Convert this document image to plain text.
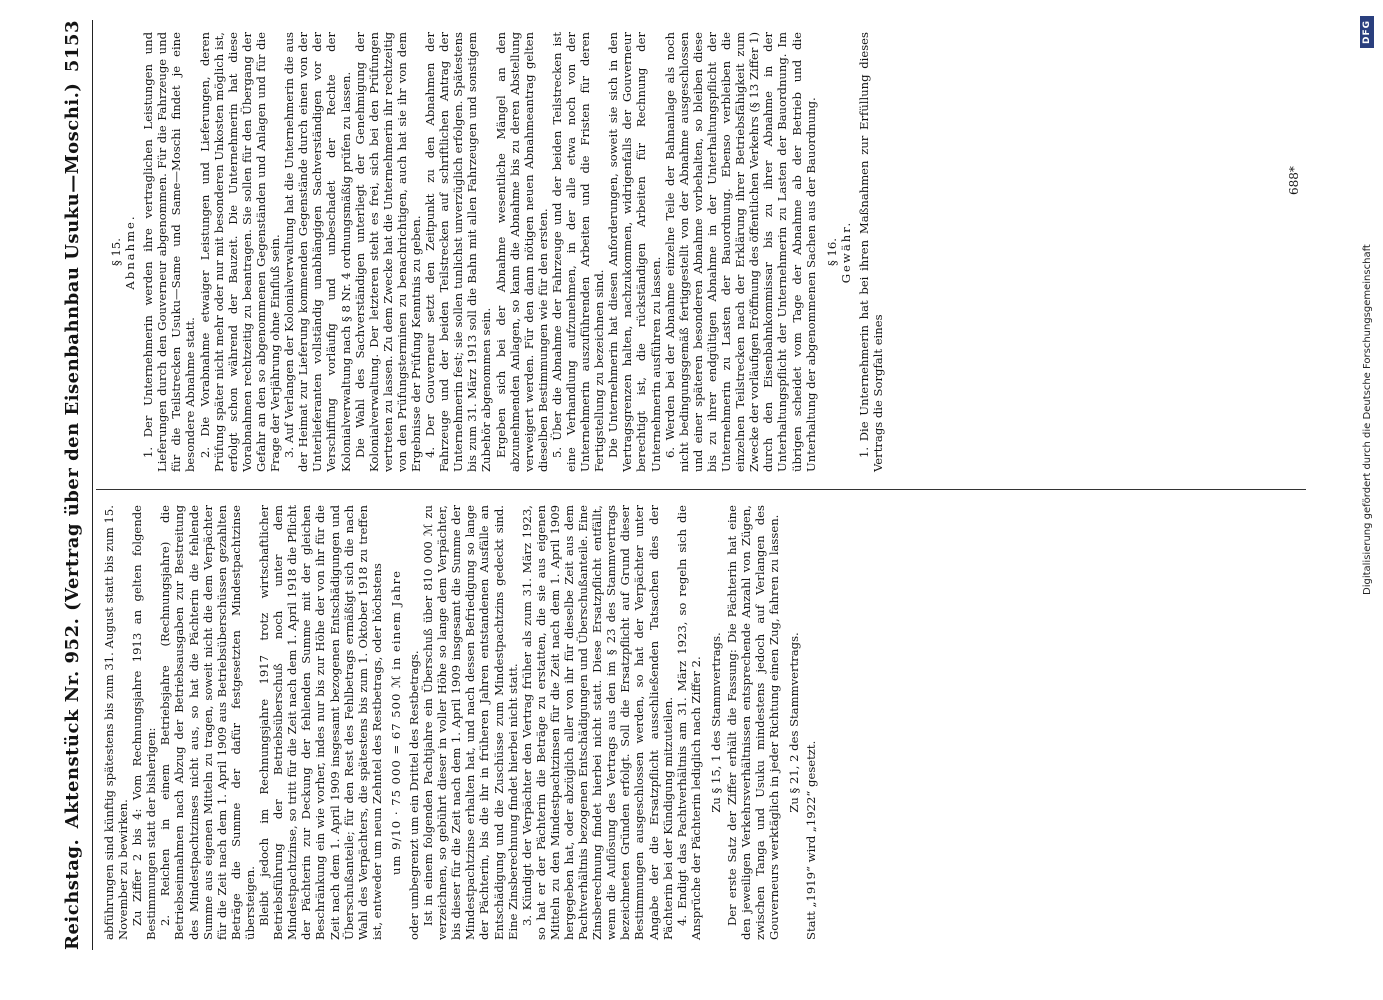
Reichstag.
Aktenstück Nr. 952. (Vertrag über den Eisenbahnbau Usuku—Moschi.)
5153

abführungen sind künftig spätestens bis zum 31. August statt bis zum 15. November zu bewirken. Zu Ziffer 2 bis 4: Vom Rechnungsjahre 1913 an gelten folgende Bestimmungen statt der bisherigen: 2. Reichen in einem Betriebsjahre (Rechnungsjahre) die Betriebseinnahmen nach Abzug der Betriebsausgaben zur Bestreitung des Mindestpachtzinses nicht aus, so hat die Pächterin die fehlende Summe aus eigenen Mitteln zu tragen, soweit nicht die dem Verpächter für die Zeit nach dem 1. April 1909 aus Betriebsüberschüssen gezahlten Beträge die Summe der dafür festgesetzten Mindestpachtzinse übersteigen. Bleibt jedoch im Rechnungsjahre 1917 trotz wirtschaftlicher Betriebsführung der Betriebsüberschuß noch unter dem Mindestpachtzinse, so tritt für die Zeit nach dem 1. April 1918 die Pflicht der Pächterin zur Deckung der fehlenden Summe mit der gleichen Beschränkung ein wie vorher, indes nur bis zur Höhe der von ihr für die Zeit nach dem 1. April 1909 insgesamt bezogenen Entschädigungen und Überschußanteile; für den Rest des Fehlbetrags ermäßigt sich die nach Wahl des Verpächters, die spätestens bis zum 1. Oktober 1918 zu treffen ist, entweder um neun Zehntel des Restbetrags, oder höchstens um 9/10 · 75 000 = 67 500 ℳ in einem Jahre oder umbegrenzt um ein Drittel des Restbetrags. Ist in einem folgenden Pachtjahre ein Überschuß über 810 000 ℳ zu verzeichnen, so gebührt dieser in voller Höhe so lange dem Verpächter, bis dieser für die Zeit nach dem 1. April 1909 insgesamt die Summe der Mindestpachtzinse erhalten hat, und nach dessen Befriedigung so lange der Pächterin, bis die ihr in früheren Jahren entstandenen Ausfälle an Entschädigung und die Zuschüsse zum Mindestpachtzins gedeckt sind. Eine Zinsberechnung findet hierbei nicht statt. 3. Kündigt der Verpächter den Vertrag früher als zum 31. März 1923, so hat er der Pächterin die Beträge zu erstatten, die sie aus eigenen Mitteln zu den Mindestpachtzinsen für die Zeit nach dem 1. April 1909 hergegeben hat, oder abzüglich aller von ihr für dieselbe Zeit aus dem Pachtverhältnis bezogenen Entschädigungen und Überschußanteile. Eine Zinsberechnung findet hierbei nicht statt. Diese Ersatzpflicht entfällt, wenn die Auflösung des Vertrags aus den im § 23 des Stammvertrags bezeichneten Gründen erfolgt. Soll die Ersatzpflicht auf Grund dieser Bestimmungen ausgeschlossen werden, so hat der Verpächter unter Angabe der die Ersatzpflicht ausschließenden Tatsachen dies der Pächterin bei der Kündigung mitzuteilen. 4. Endigt das Pachtverhältnis am 31. März 1923, so regeln sich die Ansprüche der Pächterin lediglich nach Ziffer 2. Zu § 15, 1 des Stammvertrags. Der erste Satz der Ziffer erhält die Fassung: Die Pächterin hat eine den jeweiligen Verkehrsverhältnissen entsprechende Anzahl von Zügen, zwischen Tanga und Usuku mindestens jedoch auf Verlangen des Gouverneurs werktäglich in jeder Richtung einen Zug, fahren zu lassen. Zu § 21, 2 des Stammvertrags.

Statt „1919“ wird „1922“ gesetzt.

§ 15. Abnahme. 1. Der Unternehmerin werden ihre vertraglichen Leistungen und Lieferungen durch den Gouverneur abgenommen. Für die Fahrzeuge und für die Teilstrecken Usuku—Same und Same—Moschi findet je eine besondere Abnahme statt. 2. Die Vorabnahme etwaiger Leistungen und Lieferungen, deren Prüfung später nicht mehr oder nur mit besonderen Unkosten möglich ist, erfolgt schon während der Bauzeit. Die Unternehmerin hat diese Vorabnahmen rechtzeitig zu beantragen. Sie sollen für den Übergang der Gefahr an den so abgenommenen Gegenständen und Anlagen und für die Frage der Verjährung ohne Einfluß sein. 3. Auf Verlangen der Kolonialverwaltung hat die Unternehmerin die aus der Heimat zur Lieferung kommenden Gegenstände durch einen von der Unterlieferanten vollständig unabhängigen Sachverständigen vor der Verschiffung vorläufig und unbeschadet der Rechte der Kolonialverwaltung nach § 8 Nr. 4 ordnungsmäßig prüfen zu lassen. Die Wahl des Sachverständigen unterliegt der Genehmigung der Kolonialverwaltung. Der letzteren steht es frei, sich bei den Prüfungen vertreten zu lassen. Zu dem Zwecke hat die Unternehmerin ihr rechtzeitig von den Prüfungsterminen zu benachrichtigen, auch hat sie ihr von dem Ergebnisse der Prüfung Kenntnis zu geben. 4. Der Gouverneur setzt den Zeitpunkt zu den Abnahmen der Fahrzeuge und der beiden Teilstrecken auf schriftlichen Antrag der Unternehmerin fest; sie sollen tunlichst unverzüglich erfolgen. Spätestens bis zum 31. März 1913 soll die Bahn mit allen Fahrzeugen und sonstigem Zubehör abgenommen sein. Ergeben sich bei der Abnahme wesentliche Mängel an den abzunehmenden Anlagen, so kann die Abnahme bis zu deren Abstellung verweigert werden. Für den dann nötigen neuen Abnahmeantrag gelten dieselben Bestimmungen wie für den ersten. 5. Über die Abnahme der Fahrzeuge und der beiden Teilstrecken ist eine Verhandlung aufzunehmen, in der alle etwa noch von der Unternehmerin auszuführenden Arbeiten und die Fristen für deren Fertigstellung zu bezeichnen sind. Die Unternehmerin hat diesen Anforderungen, soweit sie sich in den Vertragsgrenzen halten, nachzukommen, widrigenfalls der Gouverneur berechtigt ist, die rückständigen Arbeiten für Rechnung der Unternehmerin ausführen zu lassen. 6. Werden bei der Abnahme einzelne Teile der Bahnanlage als noch nicht bedingungsgemäß fertiggestellt von der Abnahme ausgeschlossen und einer späteren besonderen Abnahme vorbehalten, so bleiben diese bis zu ihrer endgültigen Abnahme in der Unterhaltungspflicht der Unternehmerin zu Lasten der Bauordnung. Ebenso verbleiben die einzelnen Teilstrecken nach der Erklärung ihrer Betriebsfähigkeit zum Zwecke der vorläufigen Eröffnung des öffentlichen Verkehrs (§ 13 Ziffer 1) durch den Eisenbahnkommissar bis zu ihrer Abnahme in der Unterhaltungspflicht der Unternehmerin zu Lasten der Bauordnung. Im übrigen scheidet vom Tage der Abnahme ab der Betrieb und die Unterhaltung der abgenommenen Sachen aus der Bauordnung. § 16. Gewähr. 1. Die Unternehmerin hat bei ihren Maßnahmen zur Erfüllung dieses Vertrags die Sorgfalt eines

688*
Digitalisierung gefördert durch die Deutsche Forschungsgemeinschaft
DFG
